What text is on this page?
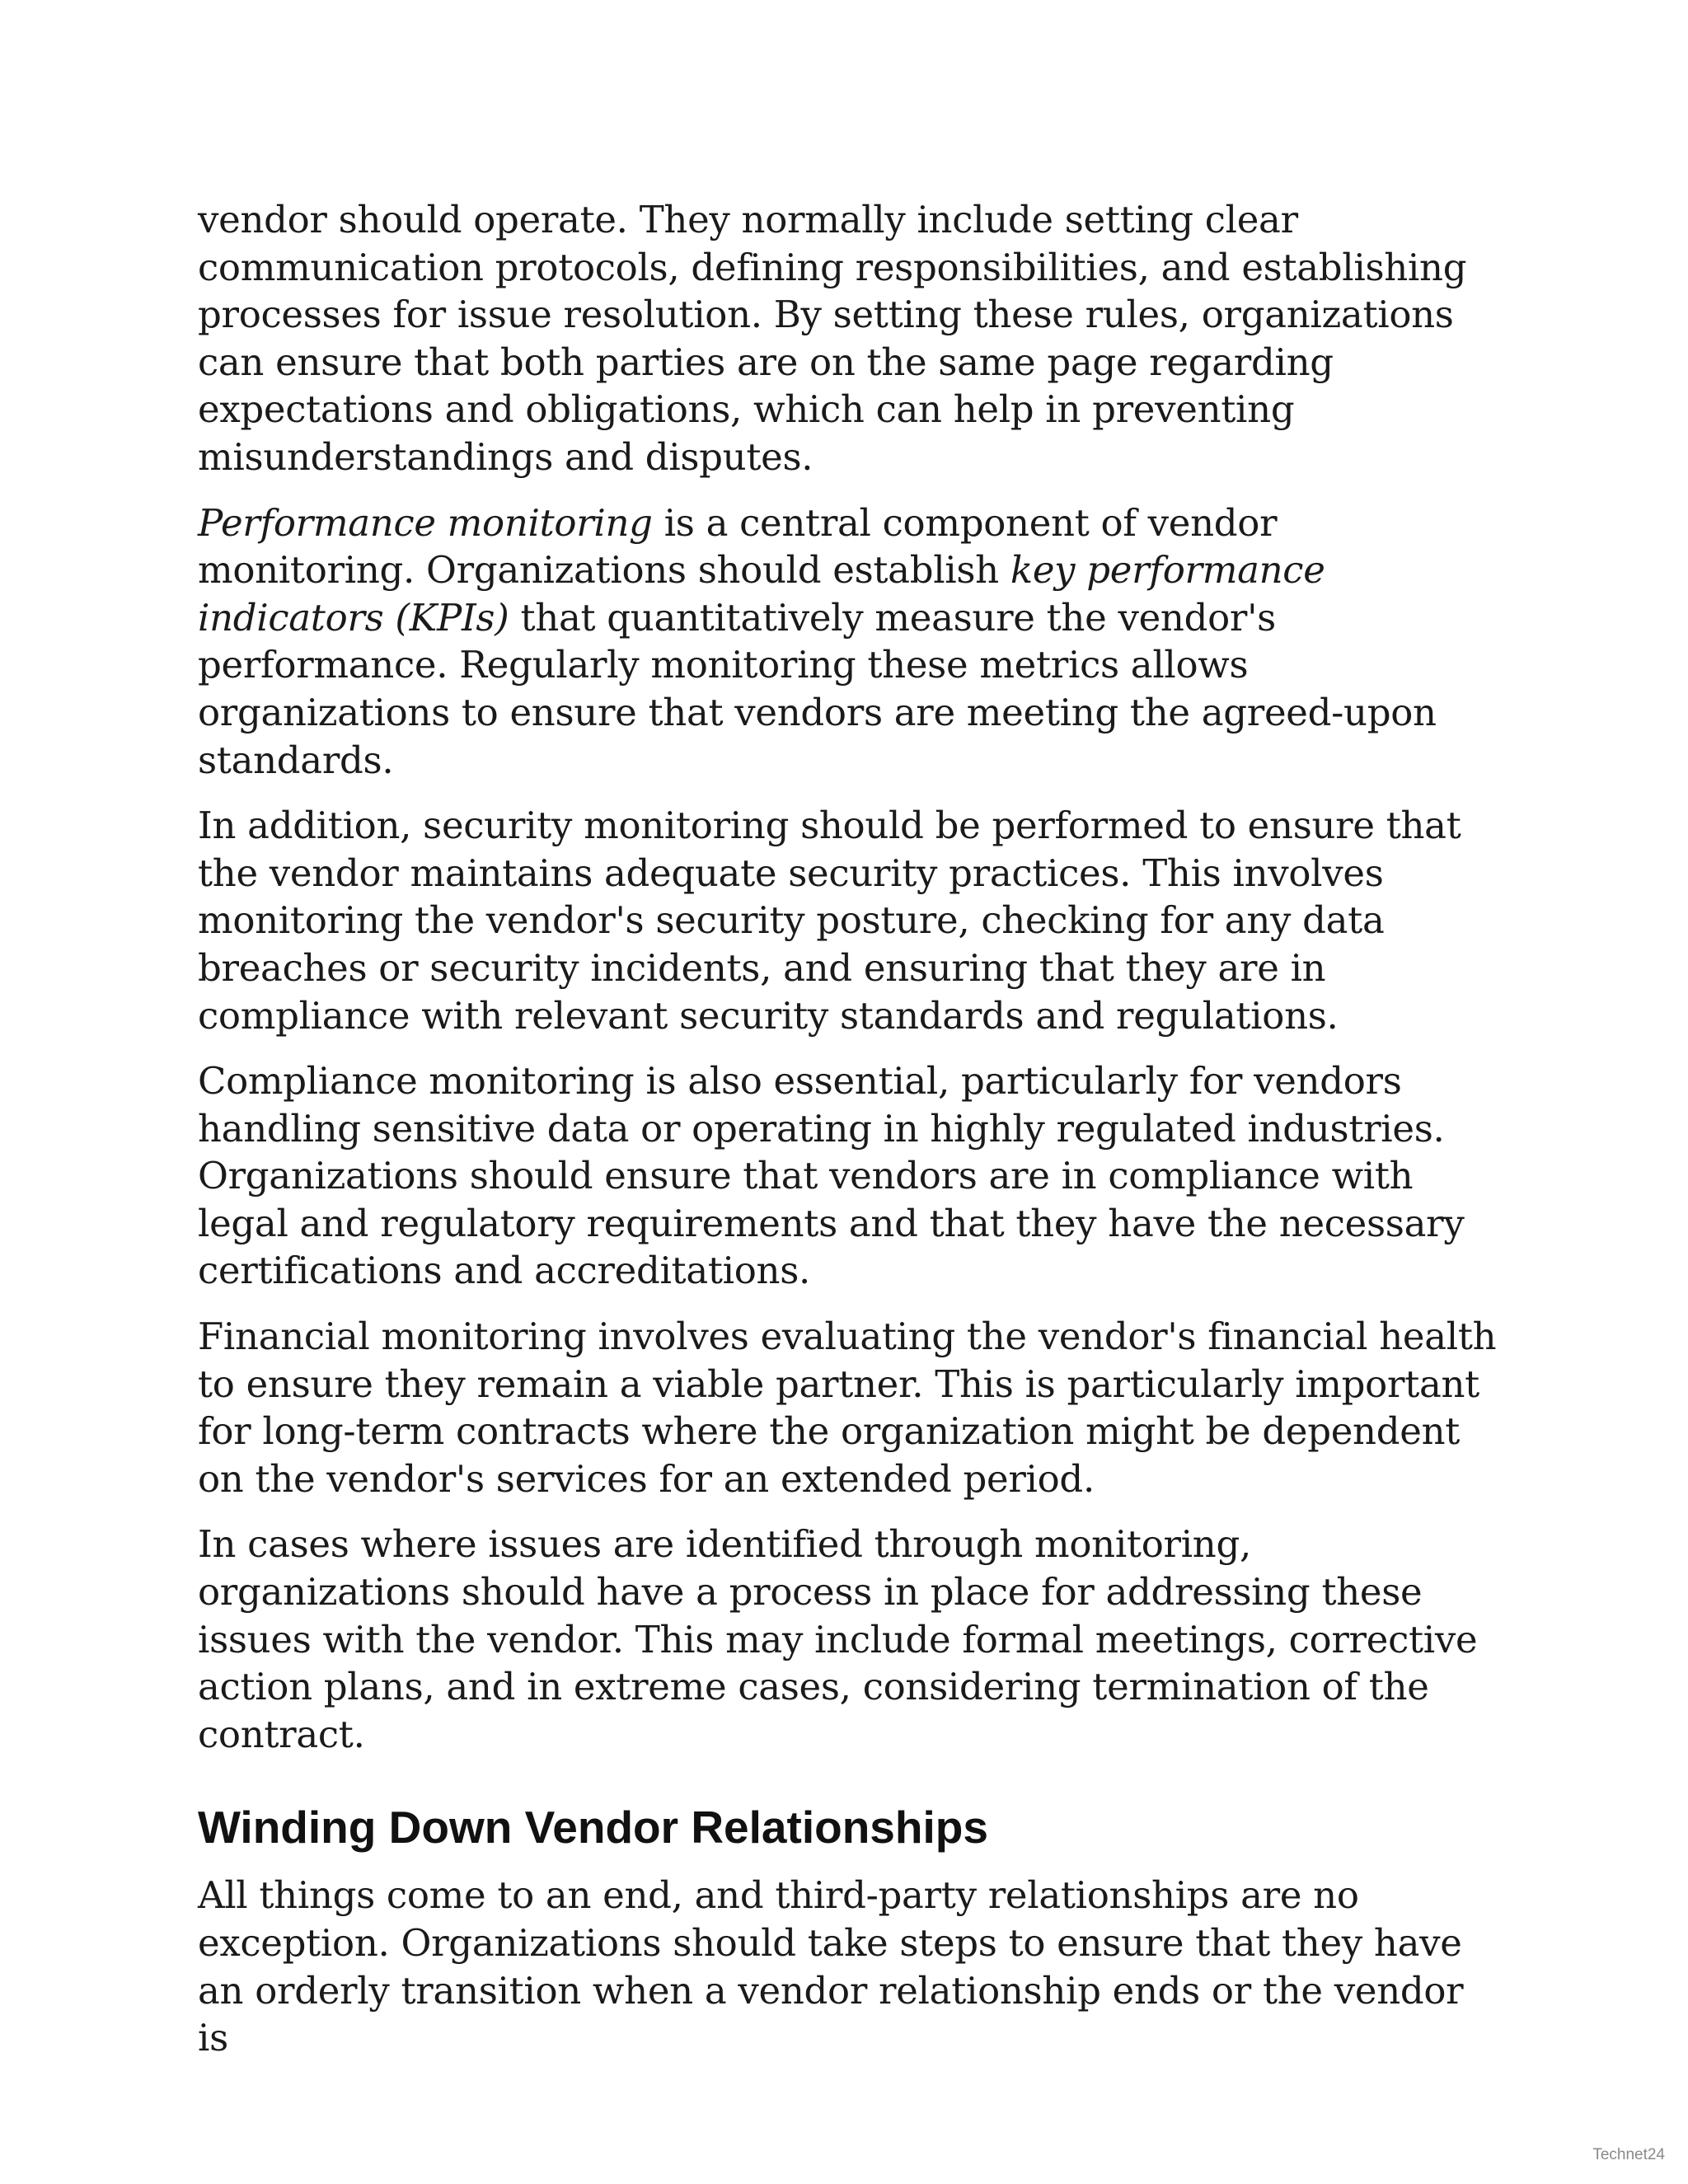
vendor should operate. They normally include setting clear communication protocols, defining responsibilities, and establishing processes for issue resolution. By setting these rules, organizations can ensure that both parties are on the same page regarding expectations and obligations, which can help in preventing misunderstandings and disputes.

Performance monitoring is a central component of vendor monitoring. Organizations should establish key performance indicators (KPIs) that quantitatively measure the vendor's performance. Regularly monitoring these metrics allows organizations to ensure that vendors are meeting the agreed-upon standards.

In addition, security monitoring should be performed to ensure that the vendor maintains adequate security practices. This involves monitoring the vendor's security posture, checking for any data breaches or security incidents, and ensuring that they are in compliance with relevant security standards and regulations.

Compliance monitoring is also essential, particularly for vendors handling sensitive data or operating in highly regulated industries. Organizations should ensure that vendors are in compliance with legal and regulatory requirements and that they have the necessary certifications and accreditations.

Financial monitoring involves evaluating the vendor's financial health to ensure they remain a viable partner. This is particularly important for long-term contracts where the organization might be dependent on the vendor's services for an extended period.

In cases where issues are identified through monitoring, organizations should have a process in place for addressing these issues with the vendor. This may include formal meetings, corrective action plans, and in extreme cases, considering termination of the contract.

Winding Down Vendor Relationships

All things come to an end, and third-party relationships are no exception. Organizations should take steps to ensure that they have an orderly transition when a vendor relationship ends or the vendor is

Technet24
